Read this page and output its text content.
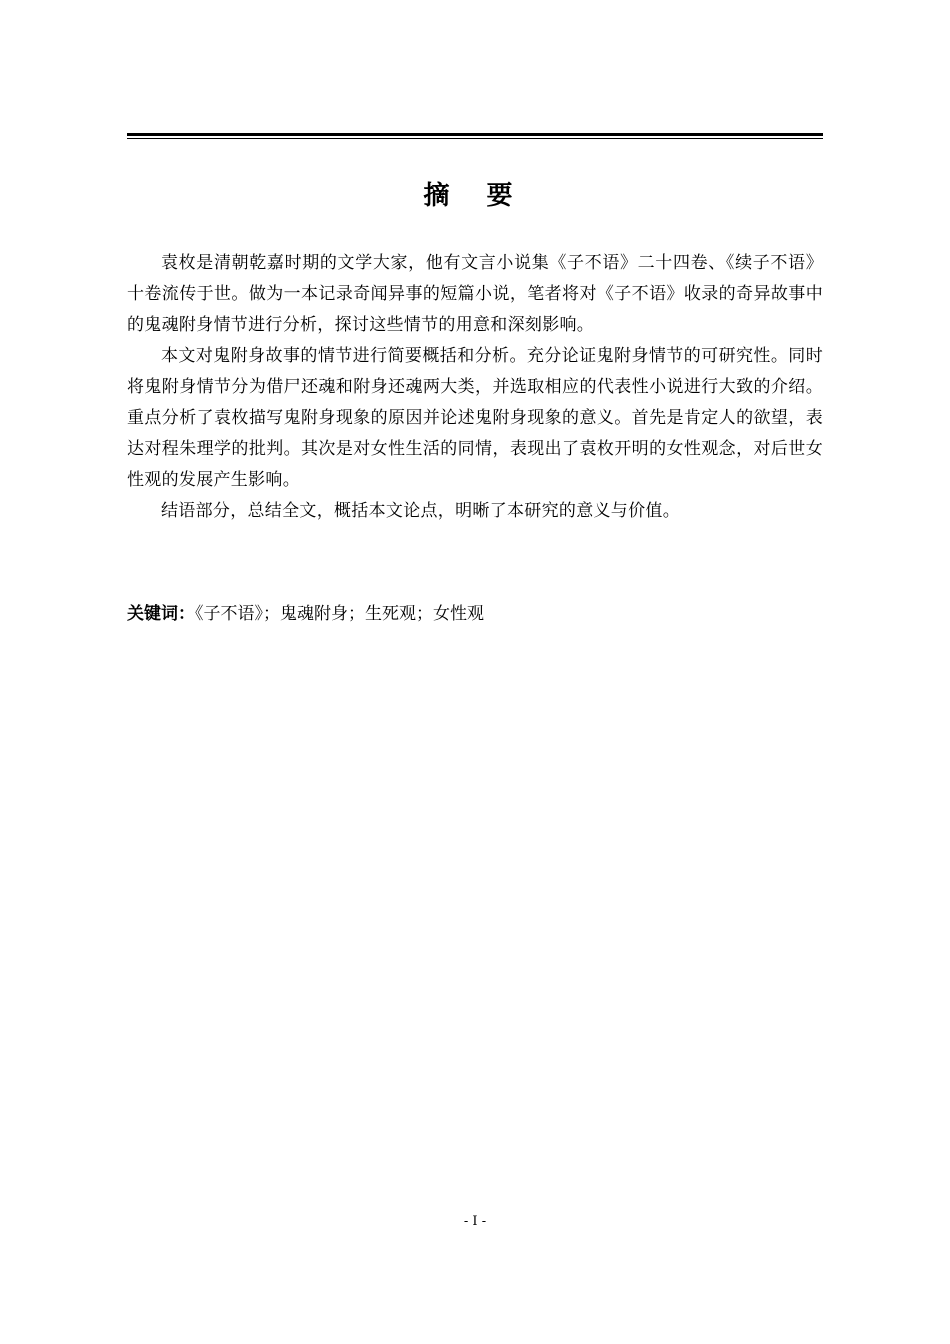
摘 要

袁枚是清朝乾嘉时期的文学大家，他有文言小说集《子不语》二十四卷、《续子不语》十卷流传于世。做为一本记录奇闻异事的短篇小说，笔者将对《子不语》收录的奇异故事中的鬼魂附身情节进行分析，探讨这些情节的用意和深刻影响。

本文对鬼附身故事的情节进行简要概括和分析。充分论证鬼附身情节的可研究性。同时将鬼附身情节分为借尸还魂和附身还魂两大类，并选取相应的代表性小说进行大致的介绍。重点分析了袁枚描写鬼附身现象的原因并论述鬼附身现象的意义。首先是肯定人的欲望，表达对程朱理学的批判。其次是对女性生活的同情，表现出了袁枚开明的女性观念，对后世女性观的发展产生影响。

结语部分，总结全文，概括本文论点，明晰了本研究的意义与价值。

关键词：《子不语》；鬼魂附身；生死观；女性观
- I -
